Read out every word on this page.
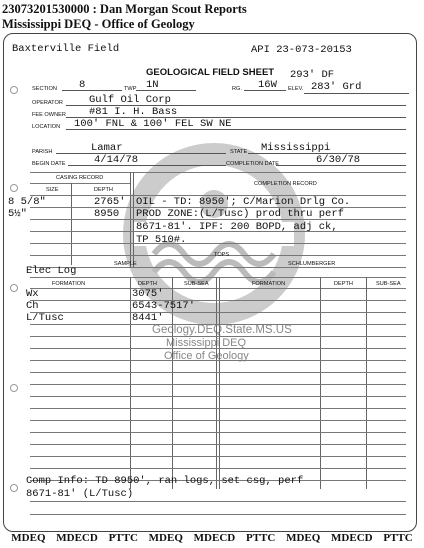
23073201530000 : Dan Morgan Scout Reports
Mississippi DEQ - Office of Geology
Geology.DEQ.State.MS.US
Mississippi DEQ
Office of Geology
Baxterville Field	API 23-073-20153
GEOLOGICAL FIELD SHEET 293' DF
SECTION 8	TWP 1N	RG. 16W ELEV. 283' Grd
OPERATOR Gulf Oil Corp
FEE OWNER #81 I. H. Bass
LOCATION 100' FNL & 100' FEL SW NE
PARISH	Lamar	STATE Mississippi
BEGIN DATE	4/14/78	COMPLETION DATE	6/30/78
CASING RECORD
COMPLETION RECORD
SIZE	DEPTH
8 5/8"	2765'
5½"	8950
OIL - TD: 8950'; C/Marion Drlg Co.
PROD ZONE:(L/Tusc) prod thru perf
8671-81'. IPF: 200 BOPD, adj ck,
TP 510#.
TOPS
SAMPLE	SCHLUMBERGER
Elec Log
FORMATION	DEPTH	SUB-SEA	FORMATION	DEPTH	SUB-SEA
Wx	3075'
Ch	6543-7517'
L/Tusc	8441'
Comp Info: TD 8950', ran logs, set csg, perf
8671-81' (L/Tusc)
MDEQ MDECD PTTC MDEQ MDECD PTTC MDEQ MDECD PTTC
